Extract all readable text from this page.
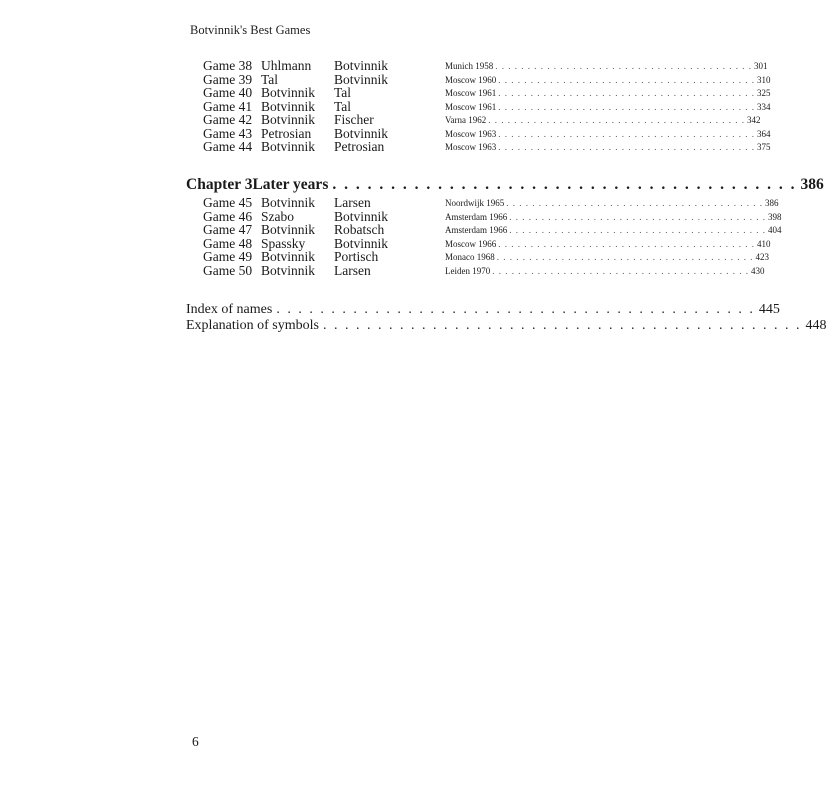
Botvinnik's Best Games
Game 38 Uhlmann Botvinnik	Munich 1958 . . . . . . . . . . . . . . . . . . . . . . . . . . . . . . . . . . . . . . . . 301
Game 39 Tal	Botvinnik	Moscow 1960 . . . . . . . . . . . . . . . . . . . . . . . . . . . . . . . . . . . . . . . . 310
Game 40 Botvinnik Tal	Moscow 1961 . . . . . . . . . . . . . . . . . . . . . . . . . . . . . . . . . . . . . . . . 325
Game 41 Botvinnik Tal	Moscow 1961 . . . . . . . . . . . . . . . . . . . . . . . . . . . . . . . . . . . . . . . . 334
Game 42 Botvinnik Fischer	Varna 1962 . . . . . . . . . . . . . . . . . . . . . . . . . . . . . . . . . . . . . . . . 342
Game 43 Petrosian Botvinnik	Moscow 1963 . . . . . . . . . . . . . . . . . . . . . . . . . . . . . . . . . . . . . . . . 364
Game 44 Botvinnik Petrosian	Moscow 1963 . . . . . . . . . . . . . . . . . . . . . . . . . . . . . . . . . . . . . . . . 375
Chapter 3 Later years . . . . . . . . . . . . . . . . . . . . . . . . . . . . . . . . . . . . . . . . 386
Game 45 Botvinnik Larsen	Noordwijk 1965 . . . . . . . . . . . . . . . . . . . . . . . . . . . . . . . . . . . . . . . . 386
Game 46 Szabo	Botvinnik	Amsterdam 1966 . . . . . . . . . . . . . . . . . . . . . . . . . . . . . . . . . . . . . . . . 398
Game 47 Botvinnik Robatsch	Amsterdam 1966 . . . . . . . . . . . . . . . . . . . . . . . . . . . . . . . . . . . . . . . . 404
Game 48 Spassky Botvinnik	Moscow 1966 . . . . . . . . . . . . . . . . . . . . . . . . . . . . . . . . . . . . . . . . 410
Game 49 Botvinnik Portisch	Monaco 1968 . . . . . . . . . . . . . . . . . . . . . . . . . . . . . . . . . . . . . . . . 423
Game 50 Botvinnik Larsen	Leiden 1970 . . . . . . . . . . . . . . . . . . . . . . . . . . . . . . . . . . . . . . . . 430
Index of names . . . . . . . . . . . . . . . . . . . . . . . . . . . . . . . . . . . . . . . . . . . . 445
Explanation of symbols . . . . . . . . . . . . . . . . . . . . . . . . . . . . . . . . . . . . . . . . . . . . 448
6
